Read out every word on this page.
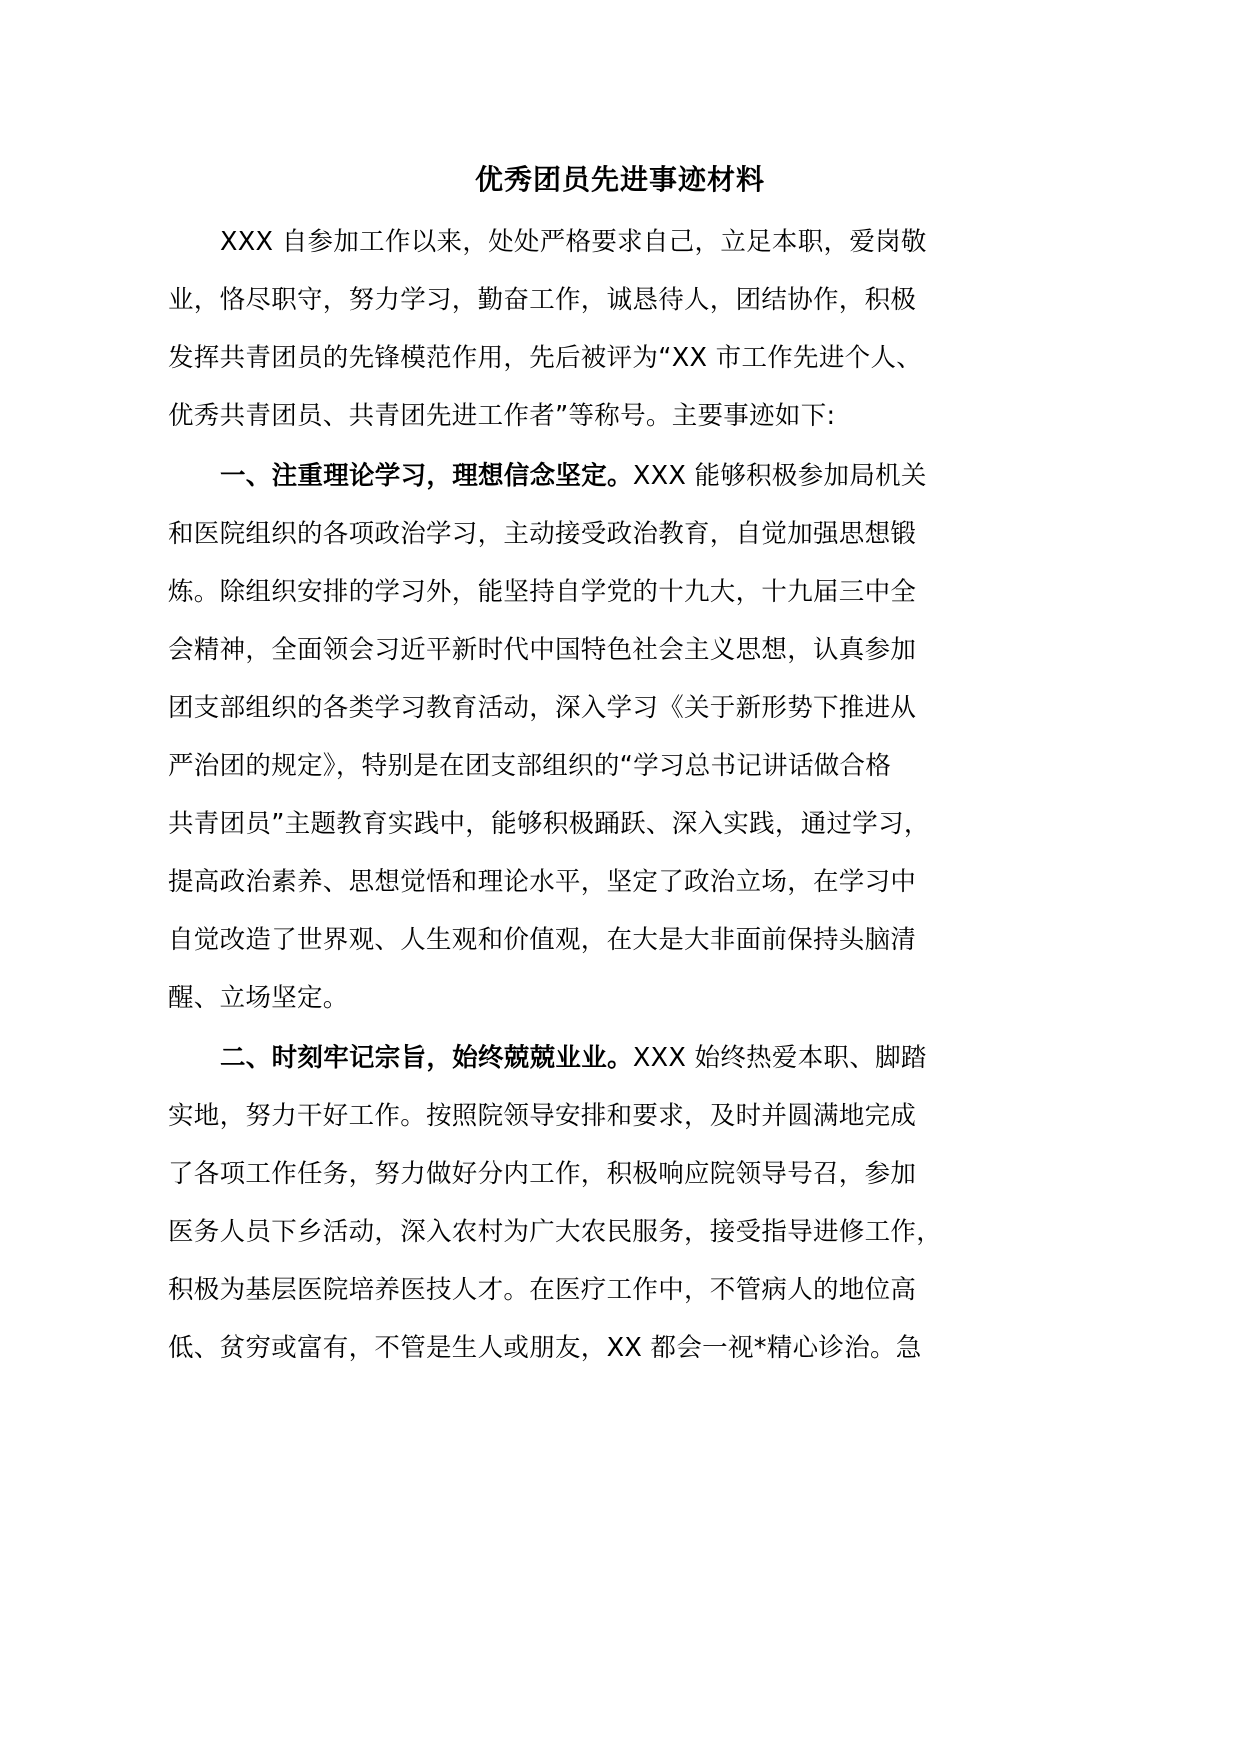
优秀团员先进事迹材料
XXX 自参加工作以来，处处严格要求自己，立足本职，爱岗敬
业，恪尽职守，努力学习，勤奋工作，诚恳待人，团结协作，积极
发挥共青团员的先锋模范作用，先后被评为“XX 市工作先进个人、
优秀共青团员、共青团先进工作者”等称号。主要事迹如下:
一、注重理论学习，理想信念坚定。XXX 能够积极参加局机关
和医院组织的各项政治学习，主动接受政治教育，自觉加强思想锻
炼。除组织安排的学习外，能坚持自学党的十九大，十九届三中全
会精神，全面领会习近平新时代中国特色社会主义思想，认真参加
团支部组织的各类学习教育活动，深入学习《关于新形势下推进从
严治团的规定》，特别是在团支部组织的“学习总书记讲话做合格
共青团员”主题教育实践中，能够积极踊跃、深入实践，通过学习，
提高政治素养、思想觉悟和理论水平，坚定了政治立场，在学习中
自觉改造了世界观、人生观和价值观，在大是大非面前保持头脑清
醒、立场坚定。
二、时刻牢记宗旨，始终兢兢业业。XXX 始终热爱本职、脚踏
实地，努力干好工作。按照院领导安排和要求，及时并圆满地完成
了各项工作任务，努力做好分内工作，积极响应院领导号召，参加
医务人员下乡活动，深入农村为广大农民服务，接受指导进修工作，
积极为基层医院培养医技人才。在医疗工作中，不管病人的地位高
低、贫穷或富有，不管是生人或朋友，XX 都会一视*精心诊治。急
